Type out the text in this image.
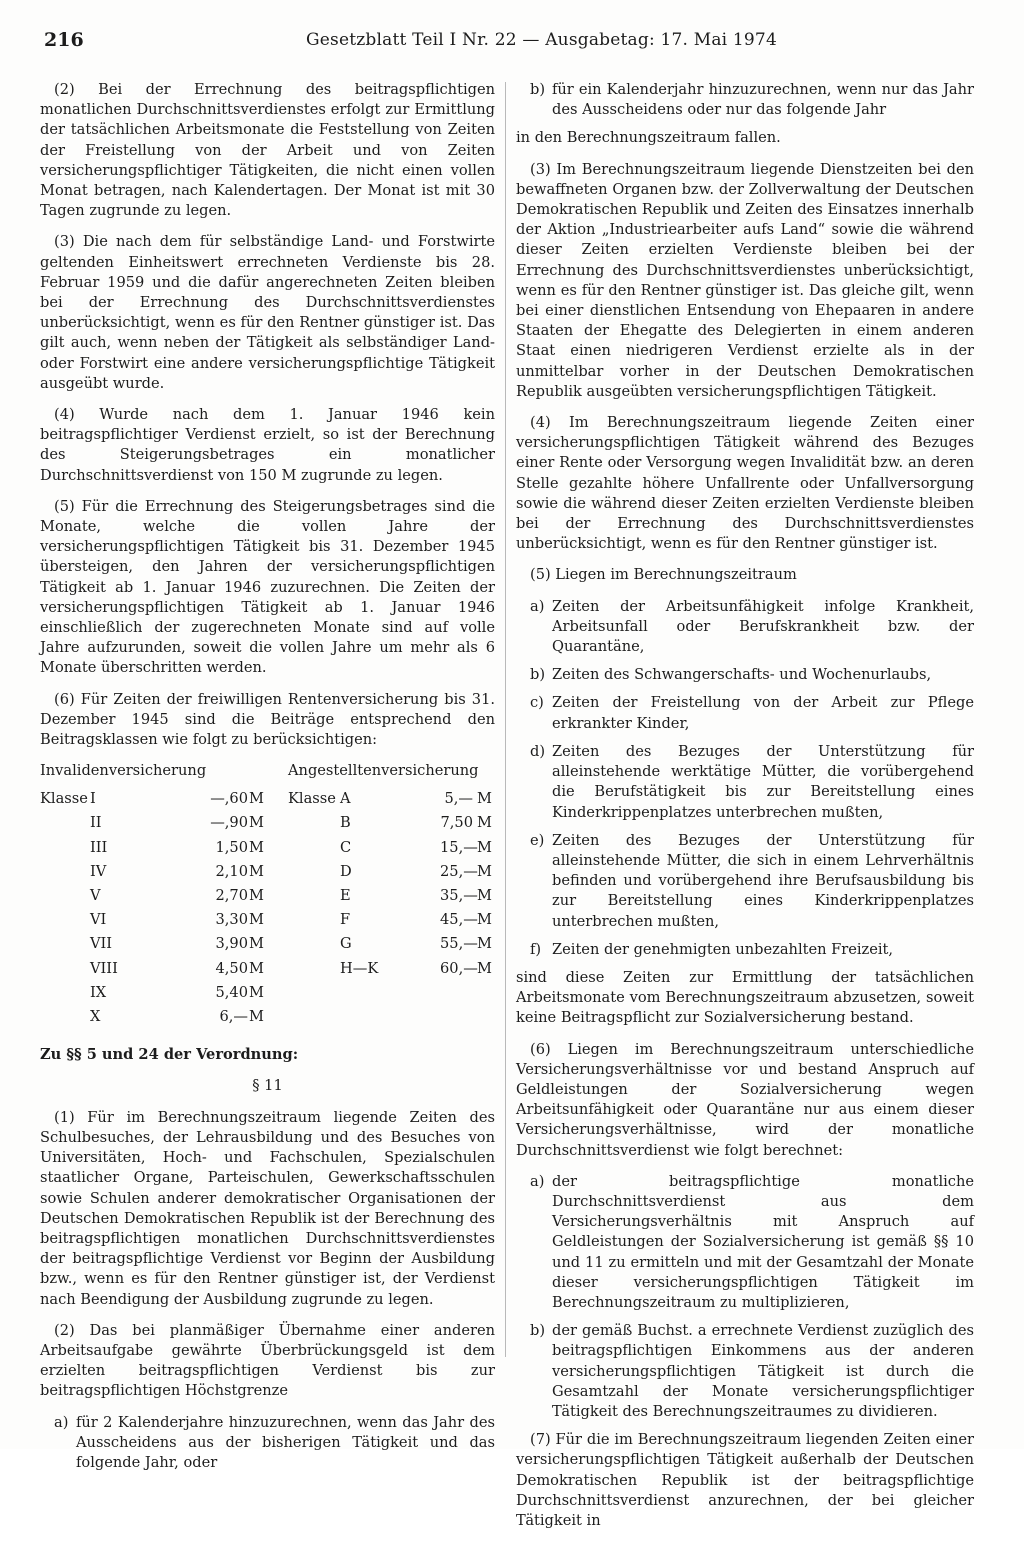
216	Gesetzblatt Teil I Nr. 22 — Ausgabetag: 17. Mai 1974

(2) Bei der Errechnung des beitragspflichtigen monatlichen Durchschnittsverdienstes erfolgt zur Ermittlung der tatsächlichen Arbeitsmonate die Feststellung von Zeiten der Freistellung von der Arbeit und von Zeiten versicherungspflichtiger Tätigkeiten, die nicht einen vollen Monat betragen, nach Kalendertagen. Der Monat ist mit 30 Tagen zugrunde zu legen.

(3) Die nach dem für selbständige Land- und Forstwirte geltenden Einheitswert errechneten Verdienste bis 28. Februar 1959 und die dafür angerechneten Zeiten bleiben bei der Errechnung des Durchschnittsverdienstes unberücksichtigt, wenn es für den Rentner günstiger ist. Das gilt auch, wenn neben der Tätigkeit als selbständiger Land- oder Forstwirt eine andere versicherungspflichtige Tätigkeit ausgeübt wurde.

(4) Wurde nach dem 1. Januar 1946 kein beitragspflichtiger Verdienst erzielt, so ist der Berechnung des Steigerungsbetrages ein monatlicher Durchschnittsverdienst von 150 M zugrunde zu legen.

(5) Für die Errechnung des Steigerungsbetrages sind die Monate, welche die vollen Jahre der versicherungspflichtigen Tätigkeit bis 31. Dezember 1945 übersteigen, den Jahren der versicherungspflichtigen Tätigkeit ab 1. Januar 1946 zuzurechnen. Die Zeiten der versicherungspflichtigen Tätigkeit ab 1. Januar 1946 einschließlich der zugerechneten Monate sind auf volle Jahre aufzurunden, soweit die vollen Jahre um mehr als 6 Monate überschritten werden.

(6) Für Zeiten der freiwilligen Rentenversicherung bis 31. Dezember 1945 sind die Beiträge entsprechend den Beitragsklassen wie folgt zu berücksichtigen:

Invalidenversicherung	Angestelltenversicherung
Klasse I	—,60 M Klasse A	5,— M
II	—,90 M	B	7,50 M
III	1,50 M	C	15,— M
IV	2,10 M	D	25,— M
V	2,70 M	E	35,— M
VI	3,30 M	F	45,— M
VII	3,90 M	G	55,— M
VIII	4,50 M	H—K	60,— M
IX	5,40 M
X	6,— M

Zu §§ 5 und 24 der Verordnung:

§ 11

(1) Für im Berechnungszeitraum liegende Zeiten des Schulbesuches, der Lehrausbildung und des Besuches von Universitäten, Hoch- und Fachschulen, Spezialschulen staatlicher Organe, Parteischulen, Gewerkschaftsschulen sowie Schulen anderer demokratischer Organisationen der Deutschen Demokratischen Republik ist der Berechnung des beitragspflichtigen monatlichen Durchschnittsverdienstes der beitragspflichtige Verdienst vor Beginn der Ausbildung bzw., wenn es für den Rentner günstiger ist, der Verdienst nach Beendigung der Ausbildung zugrunde zu legen.

(2) Das bei planmäßiger Übernahme einer anderen Arbeitsaufgabe gewährte Überbrückungsgeld ist dem erzielten beitragspflichtigen Verdienst bis zur beitragspflichtigen Höchstgrenze

a) für 2 Kalenderjahre hinzuzurechnen, wenn das Jahr des Ausscheidens aus der bisherigen Tätigkeit und das folgende Jahr, oder
b) für ein Kalenderjahr hinzuzurechnen, wenn nur das Jahr des Ausscheidens oder nur das folgende Jahr

in den Berechnungszeitraum fallen.

(3) Im Berechnungszeitraum liegende Dienstzeiten bei den bewaffneten Organen bzw. der Zollverwaltung der Deutschen Demokratischen Republik und Zeiten des Einsatzes innerhalb der Aktion „Industriearbeiter aufs Land“ sowie die während dieser Zeiten erzielten Verdienste bleiben bei der Errechnung des Durchschnittsverdienstes unberücksichtigt, wenn es für den Rentner günstiger ist. Das gleiche gilt, wenn bei einer dienstlichen Entsendung von Ehepaaren in andere Staaten der Ehegatte des Delegierten in einem anderen Staat einen niedrigeren Verdienst erzielte als in der unmittelbar vorher in der Deutschen Demokratischen Republik ausgeübten versicherungspflichtigen Tätigkeit.

(4) Im Berechnungszeitraum liegende Zeiten einer versicherungspflichtigen Tätigkeit während des Bezuges einer Rente oder Versorgung wegen Invalidität bzw. an deren Stelle gezahlte höhere Unfallrente oder Unfallversorgung sowie die während dieser Zeiten erzielten Verdienste bleiben bei der Errechnung des Durchschnittsverdienstes unberücksichtigt, wenn es für den Rentner günstiger ist.

(5) Liegen im Berechnungszeitraum

a) Zeiten der Arbeitsunfähigkeit infolge Krankheit, Arbeitsunfall oder Berufskrankheit bzw. der Quarantäne,
b) Zeiten des Schwangerschafts- und Wochenurlaubs,
c) Zeiten der Freistellung von der Arbeit zur Pflege erkrankter Kinder,
d) Zeiten des Bezuges der Unterstützung für alleinstehende werktätige Mütter, die vorübergehend die Berufstätigkeit bis zur Bereitstellung eines Kinderkrippenplatzes unterbrechen mußten,
e) Zeiten des Bezuges der Unterstützung für alleinstehende Mütter, die sich in einem Lehrverhältnis befinden und vorübergehend ihre Berufsausbildung bis zur Bereitstellung eines Kinderkrippenplatzes unterbrechen mußten,
f) Zeiten der genehmigten unbezahlten Freizeit,

sind diese Zeiten zur Ermittlung der tatsächlichen Arbeitsmonate vom Berechnungszeitraum abzusetzen, soweit keine Beitragspflicht zur Sozialversicherung bestand.

(6) Liegen im Berechnungszeitraum unterschiedliche Versicherungsverhältnisse vor und bestand Anspruch auf Geldleistungen der Sozialversicherung wegen Arbeitsunfähigkeit oder Quarantäne nur aus einem dieser Versicherungsverhältnisse, wird der monatliche Durchschnittsverdienst wie folgt berechnet:

a) der beitragspflichtige monatliche Durchschnittsverdienst aus dem Versicherungsverhältnis mit Anspruch auf Geldleistungen der Sozialversicherung ist gemäß §§ 10 und 11 zu ermitteln und mit der Gesamtzahl der Monate dieser versicherungspflichtigen Tätigkeit im Berechnungszeitraum zu multiplizieren,
b) der gemäß Buchst. a errechnete Verdienst zuzüglich des beitragspflichtigen Einkommens aus der anderen versicherungspflichtigen Tätigkeit ist durch die Gesamtzahl der Monate versicherungspflichtiger Tätigkeit des Berechnungszeitraumes zu dividieren.

(7) Für die im Berechnungszeitraum liegenden Zeiten einer versicherungspflichtigen Tätigkeit außerhalb der Deutschen Demokratischen Republik ist der beitragspflichtige Durchschnittsverdienst anzurechnen, der bei gleicher Tätigkeit in
